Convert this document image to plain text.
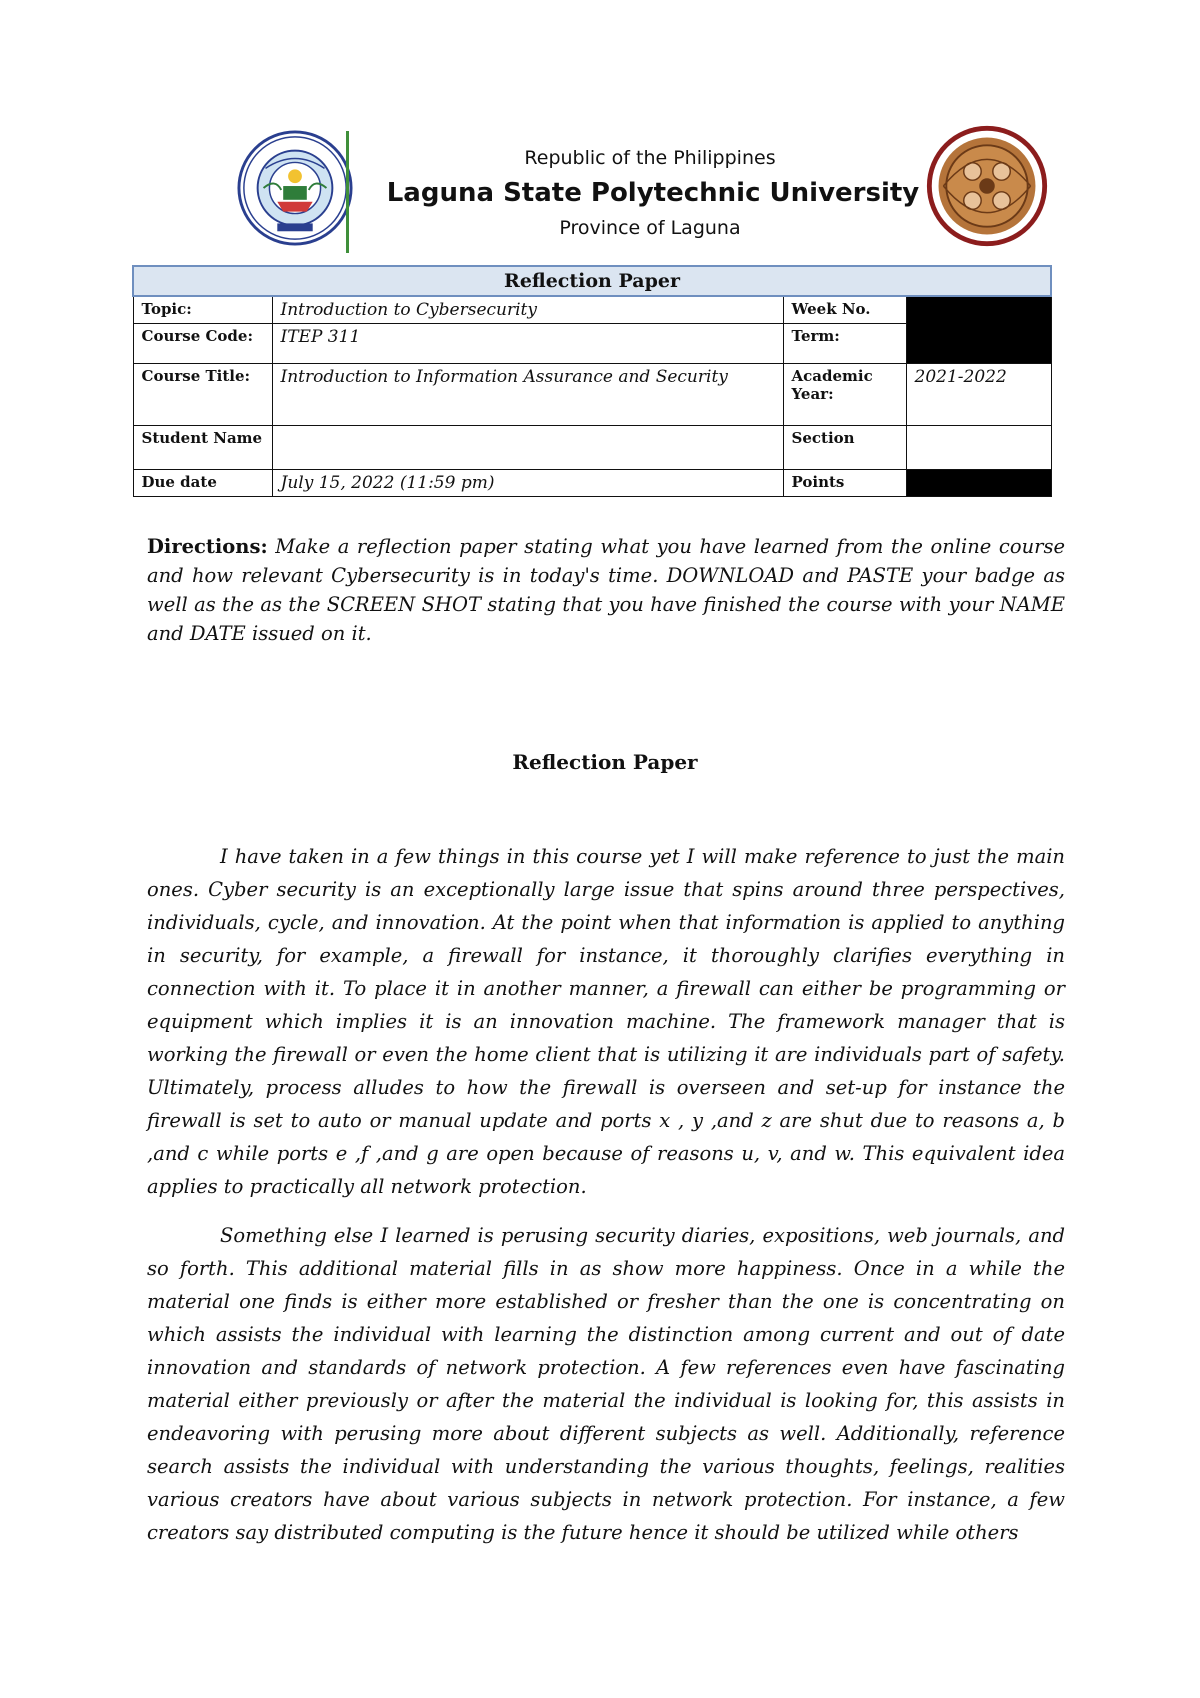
Republic of the Philippines
Laguna State Polytechnic University
Province of Laguna
Reflection Paper			
Topic:	Introduction to Cybersecurity	Week No.	
Course Code:	ITEP 311	Term:	
Course Title:	Introduction to Information Assurance and Security	Academic Year:	2021-2022
Student Name		Section	
Due date	July 15, 2022 (11:59 pm)	Points	
Directions: Make a reflection paper stating what you have learned from the online course and how relevant Cybersecurity is in today's time. DOWNLOAD and PASTE your badge as well as the as the SCREEN SHOT stating that you have finished the course with your NAME and DATE issued on it.
Reflection Paper

I have taken in a few things in this course yet I will make reference to just the main ones. Cyber security is an exceptionally large issue that spins around three perspectives, individuals, cycle, and innovation. At the point when that information is applied to anything in security, for example, a firewall for instance, it thoroughly clarifies everything in connection with it. To place it in another manner, a firewall can either be programming or equipment which implies it is an innovation machine. The framework manager that is working the firewall or even the home client that is utilizing it are individuals part of safety. Ultimately, process alludes to how the firewall is overseen and set-up for instance the firewall is set to auto or manual update and ports x , y ,and z are shut due to reasons a, b ,and c while ports e ,f ,and g are open because of reasons u, v, and w. This equivalent idea applies to practically all network protection.

Something else I learned is perusing security diaries, expositions, web journals, and so forth. This additional material fills in as show more happiness. Once in a while the material one finds is either more established or fresher than the one is concentrating on which assists the individual with learning the distinction among current and out of date innovation and standards of network protection. A few references even have fascinating material either previously or after the material the individual is looking for, this assists in endeavoring with perusing more about different subjects as well. Additionally, reference search assists the individual with understanding the various thoughts, feelings, realities various creators have about various subjects in network protection. For instance, a few creators say distributed computing is the future hence it should be utilized while others
